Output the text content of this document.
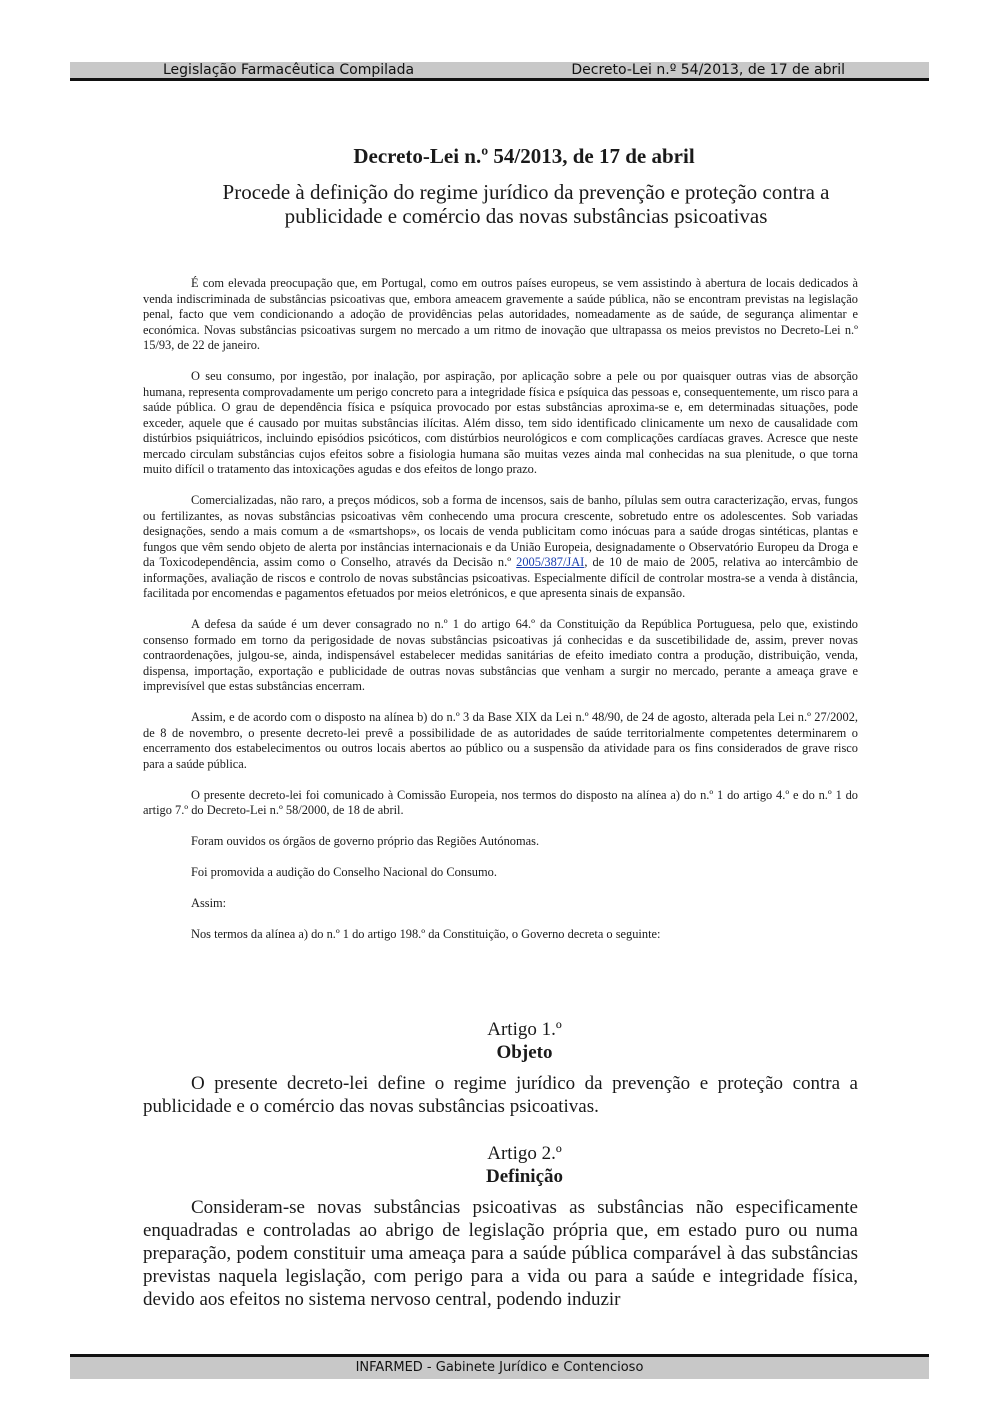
Legislação Farmacêutica Compilada	Decreto-Lei n.º 54/2013, de 17 de abril
Decreto-Lei n.º 54/2013, de 17 de abril
Procede à definição do regime jurídico da prevenção e proteção contra a publicidade e comércio das novas substâncias psicoativas

É com elevada preocupação que, em Portugal, como em outros países europeus, se vem assistindo à abertura de locais dedicados à venda indiscriminada de substâncias psicoativas que, embora ameacem gravemente a saúde pública, não se encontram previstas na legislação penal, facto que vem condicionando a adoção de providências pelas autoridades, nomeadamente as de saúde, de segurança alimentar e económica. Novas substâncias psicoativas surgem no mercado a um ritmo de inovação que ultrapassa os meios previstos no Decreto-Lei n.º 15/93, de 22 de janeiro.

O seu consumo, por ingestão, por inalação, por aspiração, por aplicação sobre a pele ou por quaisquer outras vias de absorção humana, representa comprovadamente um perigo concreto para a integridade física e psíquica das pessoas e, consequentemente, um risco para a saúde pública. O grau de dependência física e psíquica provocado por estas substâncias aproxima-se e, em determinadas situações, pode exceder, aquele que é causado por muitas substâncias ilícitas. Além disso, tem sido identificado clinicamente um nexo de causalidade com distúrbios psiquiátricos, incluindo episódios psicóticos, com distúrbios neurológicos e com complicações cardíacas graves. Acresce que neste mercado circulam substâncias cujos efeitos sobre a fisiologia humana são muitas vezes ainda mal conhecidas na sua plenitude, o que torna muito difícil o tratamento das intoxicações agudas e dos efeitos de longo prazo.

Comercializadas, não raro, a preços módicos, sob a forma de incensos, sais de banho, pílulas sem outra caracterização, ervas, fungos ou fertilizantes, as novas substâncias psicoativas vêm conhecendo uma procura crescente, sobretudo entre os adolescentes. Sob variadas designações, sendo a mais comum a de «smartshops», os locais de venda publicitam como inócuas para a saúde drogas sintéticas, plantas e fungos que vêm sendo objeto de alerta por instâncias internacionais e da União Europeia, designadamente o Observatório Europeu da Droga e da Toxicodependência, assim como o Conselho, através da Decisão n.º 2005/387/JAI, de 10 de maio de 2005, relativa ao intercâmbio de informações, avaliação de riscos e controlo de novas substâncias psicoativas. Especialmente difícil de controlar mostra-se a venda à distância, facilitada por encomendas e pagamentos efetuados por meios eletrónicos, e que apresenta sinais de expansão.

A defesa da saúde é um dever consagrado no n.º 1 do artigo 64.º da Constituição da República Portuguesa, pelo que, existindo consenso formado em torno da perigosidade de novas substâncias psicoativas já conhecidas e da suscetibilidade de, assim, prever novas contraordenações, julgou-se, ainda, indispensável estabelecer medidas sanitárias de efeito imediato contra a produção, distribuição, venda, dispensa, importação, exportação e publicidade de outras novas substâncias que venham a surgir no mercado, perante a ameaça grave e imprevisível que estas substâncias encerram.

Assim, e de acordo com o disposto na alínea b) do n.º 3 da Base XIX da Lei n.º 48/90, de 24 de agosto, alterada pela Lei n.º 27/2002, de 8 de novembro, o presente decreto-lei prevê a possibilidade de as autoridades de saúde territorialmente competentes determinarem o encerramento dos estabelecimentos ou outros locais abertos ao público ou a suspensão da atividade para os fins considerados de grave risco para a saúde pública.

O presente decreto-lei foi comunicado à Comissão Europeia, nos termos do disposto na alínea a) do n.º 1 do artigo 4.º e do n.º 1 do artigo 7.º do Decreto-Lei n.º 58/2000, de 18 de abril.

Foram ouvidos os órgãos de governo próprio das Regiões Autónomas.

Foi promovida a audição do Conselho Nacional do Consumo.

Assim:

Nos termos da alínea a) do n.º 1 do artigo 198.º da Constituição, o Governo decreta o seguinte:

Artigo 1.º
Objeto

O presente decreto-lei define o regime jurídico da prevenção e proteção contra a publicidade e o comércio das novas substâncias psicoativas.

Artigo 2.º
Definição

Consideram-se novas substâncias psicoativas as substâncias não especificamente enquadradas e controladas ao abrigo de legislação própria que, em estado puro ou numa preparação, podem constituir uma ameaça para a saúde pública comparável à das substâncias previstas naquela legislação, com perigo para a vida ou para a saúde e integridade física, devido aos efeitos no sistema nervoso central, podendo induzir

INFARMED - Gabinete Jurídico e Contencioso
